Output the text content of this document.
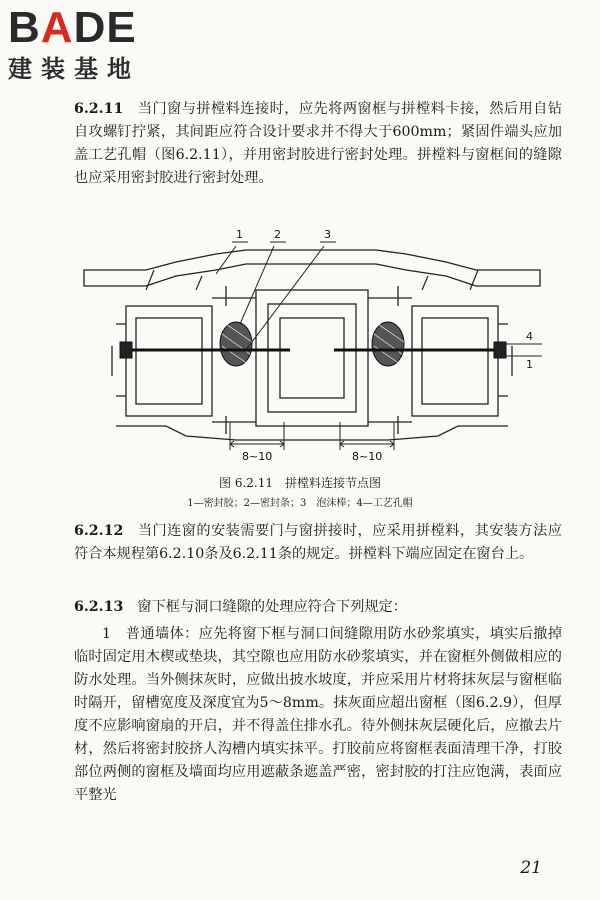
BADE
建装基地
6.2.11 当门窗与拼樘料连接时，应先将两窗框与拼樘料卡接，然后用自钻自攻螺钉拧紧，其间距应符合设计要求并不得大于600mm；紧固件端头应加盖工艺孔帽（图6.2.11），并用密封胶进行密封处理。拼樘料与窗框间的缝隙也应采用密封胶进行密封处理。
1	2	3
4
1
8~10	8~10
图 6.2.11　拼樘料连接节点图
1—密封胶；2—密封条；3　泡沫棒；4—工艺孔帽
6.2.12 当门连窗的安装需要门与窗拼接时，应采用拼樘料，其安装方法应符合本规程第6.2.10条及6.2.11条的规定。拼樘料下端应固定在窗台上。
6.2.13 窗下框与洞口缝隙的处理应符合下列规定：
1　普通墙体：应先将窗下框与洞口间缝隙用防水砂浆填实，填实后撤掉临时固定用木楔或垫块，其空隙也应用防水砂浆填实，并在窗框外侧做相应的防水处理。当外侧抹灰时，应做出披水坡度，并应采用片材将抹灰层与窗框临时隔开，留槽宽度及深度宜为5～8mm。抹灰面应超出窗框（图6.2.9），但厚度不应影响窗扇的开启，并不得盖住排水孔。待外侧抹灰层硬化后，应撤去片材，然后将密封胶挤人沟槽内填实抹平。打胶前应将窗框表面清理干净，打胶部位两侧的窗框及墙面均应用遮蔽条遮盖严密，密封胶的打注应饱满，表面应平整光
21
